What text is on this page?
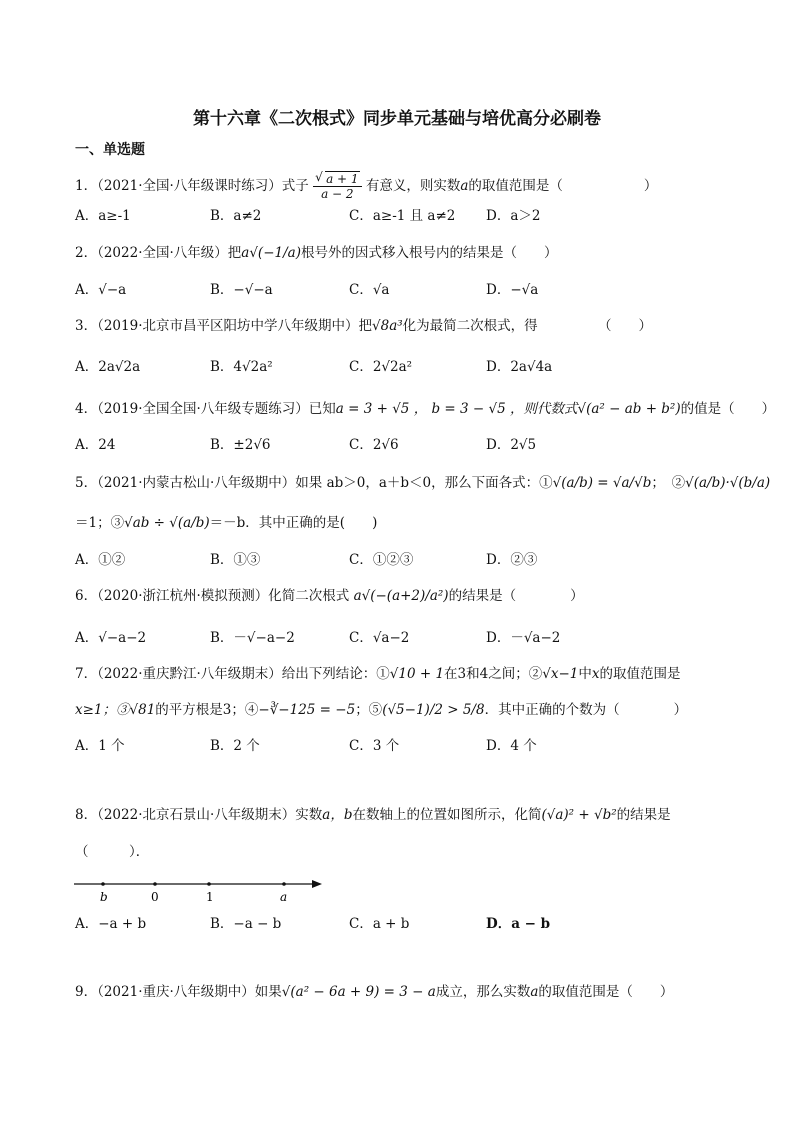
第十六章《二次根式》同步单元基础与培优高分必刷卷
一、单选题
1．（2021·全国·八年级课时练习）式子
√ $\frac{a + 1}{a - 2}$ 有意义，则实数a的取值范围是（　　　　　　）
A．a≥-1	B．a≠2	C．a≥-1 且 a≠2 D．a＞2
2．（2022·全国·八年级）把a√(−1/a)根号外的因式移入根号内的结果是（　　）
A．√−a	B．−√−a	C．√a	D．−√a
3．（2019·北京市昌平区阳坊中学八年级期中）把√8a³化为最简二次根式，得	（　　）
A．2a√2a	B．4√2a²	C．2√2a²	D．2a√4a
4．（2019·全国全国·八年级专题练习）已知a = 3 + √5 ， b = 3 − √5 ，则代数式√(a² − ab + b²)的值是（　　）
A．24	B．±2√6	C．2√6	D．2√5
5．（2021·内蒙古松山·八年级期中）如果 ab＞0，a＋b＜0，那么下面各式：①√(a/b) = √a/√b；　②√(a/b)·√(b/a)
＝1；③√ab ÷ √(a/b)＝－b．其中正确的是(　　)
A．①②	B．①③	C．①②③	D．②③
6．（2020·浙江杭州·模拟预测）化简二次根式 a√(−(a+2)/a²)的结果是（　　　　）
A．√−a−2	B．－√−a−2	C．√a−2	D．－√a−2
7．（2022·重庆黔江·八年级期末）给出下列结论：①√10 + 1在3和4之间；②√x−1中x的取值范围是
x≥1；③√81的平方根是3；④−∛−125 = −5；⑤(√5−1)/2 > 5/8．其中正确的个数为（　　　　）
A．1 个	B．2 个	C．3 个	D．4 个
8．（2022·北京石景山·八年级期末）实数a，b在数轴上的位置如图所示，化简(√a)² + √b²的结果是
（　　　）．
b	0	1	a
A．−a + b	B．−a − b	C．a + b	D．a − b
9．（2021·重庆·八年级期中）如果√(a² − 6a + 9) = 3 − a成立，那么实数a的取值范围是（　　）
